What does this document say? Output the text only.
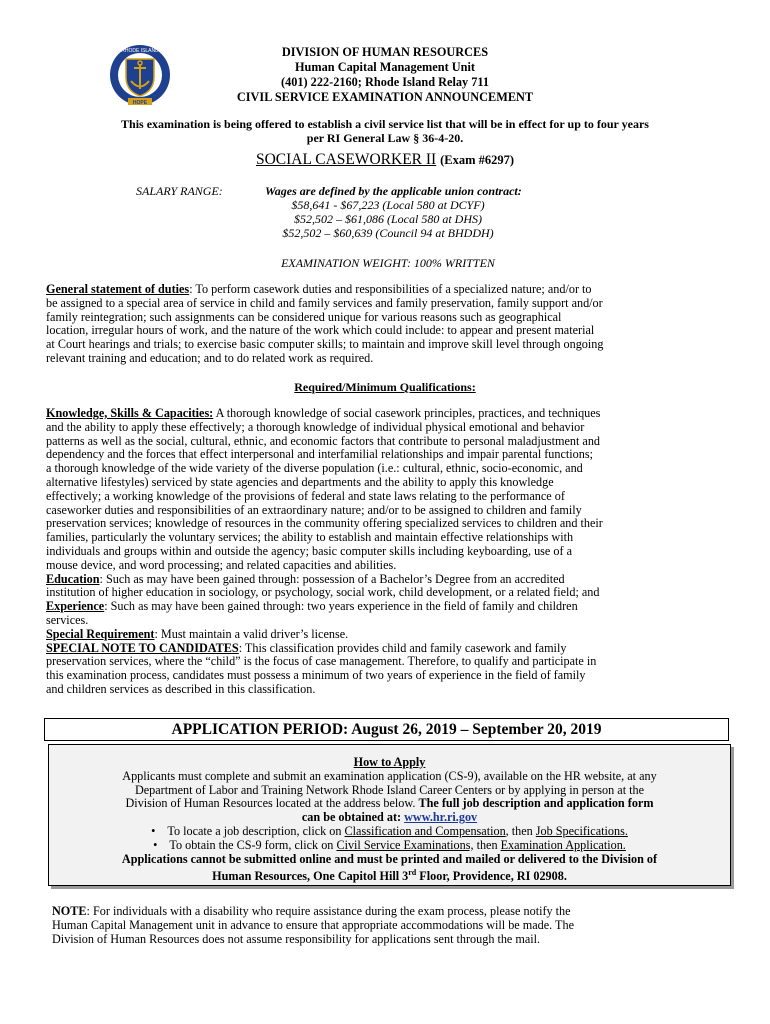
RHODE ISLAND
HOPE
DIVISION OF HUMAN RESOURCES
Human Capital Management Unit
(401) 222-2160; Rhode Island Relay 711
CIVIL SERVICE EXAMINATION ANNOUNCEMENT
This examination is being offered to establish a civil service list that will be in effect for up to four years
per RI General Law § 36-4-20.
SOCIAL CASEWORKER II (Exam #6297)
SALARY RANGE:	Wages are defined by the applicable union contract:
$58,641 - $67,223 (Local 580 at DCYF)
$52,502 – $61,086 (Local 580 at DHS)
$52,502 – $60,639 (Council 94 at BHDDH)
EXAMINATION WEIGHT: 100% WRITTEN
General statement of duties: To perform casework duties and responsibilities of a specialized nature; and/or to
be assigned to a special area of service in child and family services and family preservation, family support and/or
family reintegration; such assignments can be considered unique for various reasons such as geographical
location, irregular hours of work, and the nature of the work which could include: to appear and present material
at Court hearings and trials; to exercise basic computer skills; to maintain and improve skill level through ongoing
relevant training and education; and to do related work as required.
Required/Minimum Qualifications:
Knowledge, Skills & Capacities: A thorough knowledge of social casework principles, practices, and techniques
and the ability to apply these effectively; a thorough knowledge of individual physical emotional and behavior
patterns as well as the social, cultural, ethnic, and economic factors that contribute to personal maladjustment and
dependency and the forces that effect interpersonal and interfamilial relationships and impair parental functions;
a thorough knowledge of the wide variety of the diverse population (i.e.: cultural, ethnic, socio-economic, and
alternative lifestyles) serviced by state agencies and departments and the ability to apply this knowledge
effectively; a working knowledge of the provisions of federal and state laws relating to the performance of
caseworker duties and responsibilities of an extraordinary nature; and/or to be assigned to children and family
preservation services; knowledge of resources in the community offering specialized services to children and their
families, particularly the voluntary services; the ability to establish and maintain effective relationships with
individuals and groups within and outside the agency; basic computer skills including keyboarding, use of a
mouse device, and word processing; and related capacities and abilities.
Education: Such as may have been gained through: possession of a Bachelor’s Degree from an accredited
institution of higher education in sociology, or psychology, social work, child development, or a related field; and
Experience: Such as may have been gained through: two years experience in the field of family and children
services.
Special Requirement: Must maintain a valid driver’s license.
SPECIAL NOTE TO CANDIDATES: This classification provides child and family casework and family
preservation services, where the “child” is the focus of case management. Therefore, to qualify and participate in
this examination process, candidates must possess a minimum of two years of experience in the field of family
and children services as described in this classification.
APPLICATION PERIOD: August 26, 2019 – September 20, 2019
How to Apply
Applicants must complete and submit an examination application (CS-9), available on the HR website, at any
Department of Labor and Training Network Rhode Island Career Centers or by applying in person at the
Division of Human Resources located at the address below. The full job description and application form
can be obtained at: www.hr.ri.gov
• To locate a job description, click on Classification and Compensation, then Job Specifications.
• To obtain the CS-9 form, click on Civil Service Examinations, then Examination Application.
Applications cannot be submitted online and must be printed and mailed or delivered to the Division of
Human Resources, One Capitol Hill 3rd Floor, Providence, RI 02908.
NOTE: For individuals with a disability who require assistance during the exam process, please notify the
Human Capital Management unit in advance to ensure that appropriate accommodations will be made. The
Division of Human Resources does not assume responsibility for applications sent through the mail.
